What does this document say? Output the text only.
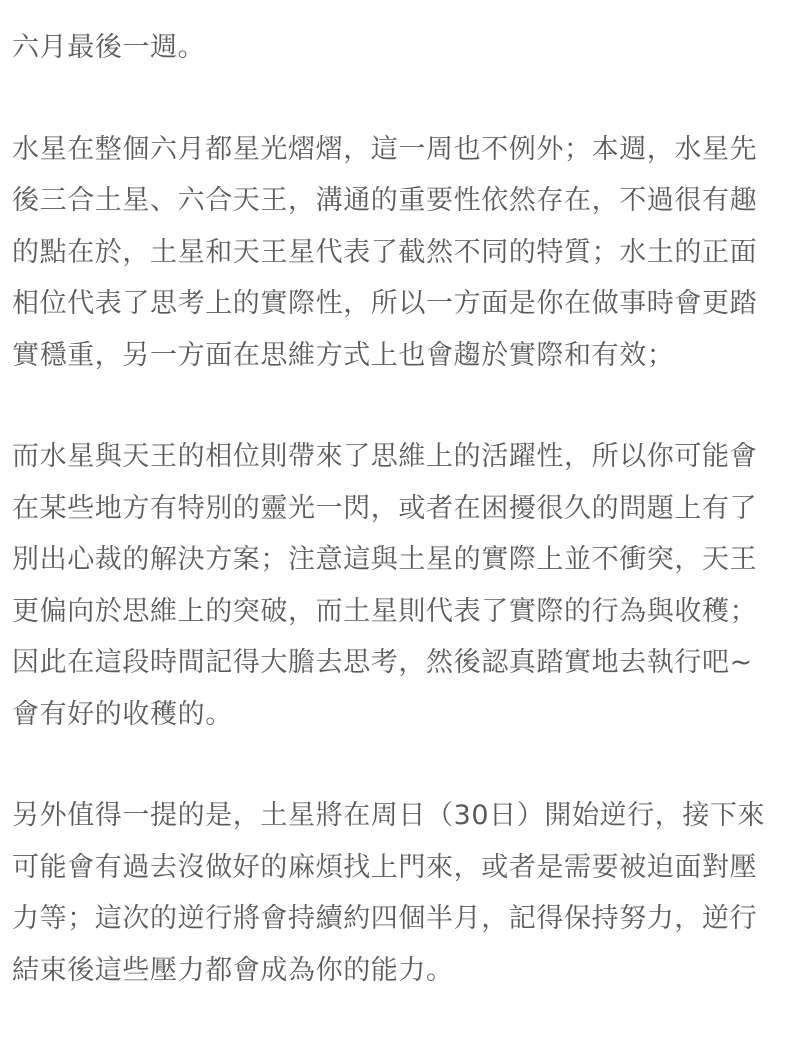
六月最後一週。

水星在整個六月都星光熠熠，這一周也不例外；本週，水星先
後三合土星、六合天王，溝通的重要性依然存在，不過很有趣
的點在於，土星和天王星代表了截然不同的特質；水土的正面
相位代表了思考上的實際性，所以一方面是你在做事時會更踏
實穩重，另一方面在思維方式上也會趨於實際和有效；

而水星與天王的相位則帶來了思維上的活躍性，所以你可能會
在某些地方有特別的靈光一閃，或者在困擾很久的問題上有了
別出心裁的解決方案；注意這與土星的實際上並不衝突，天王
更偏向於思維上的突破，而土星則代表了實際的行為與收穫；
因此在這段時間記得大膽去思考，然後認真踏實地去執行吧~
會有好的收穫的。

另外值得一提的是，土星將在周日（30日）開始逆行，接下來
可能會有過去沒做好的麻煩找上門來，或者是需要被迫面對壓
力等；這次的逆行將會持續約四個半月，記得保持努力，逆行
結束後這些壓力都會成為你的能力。
